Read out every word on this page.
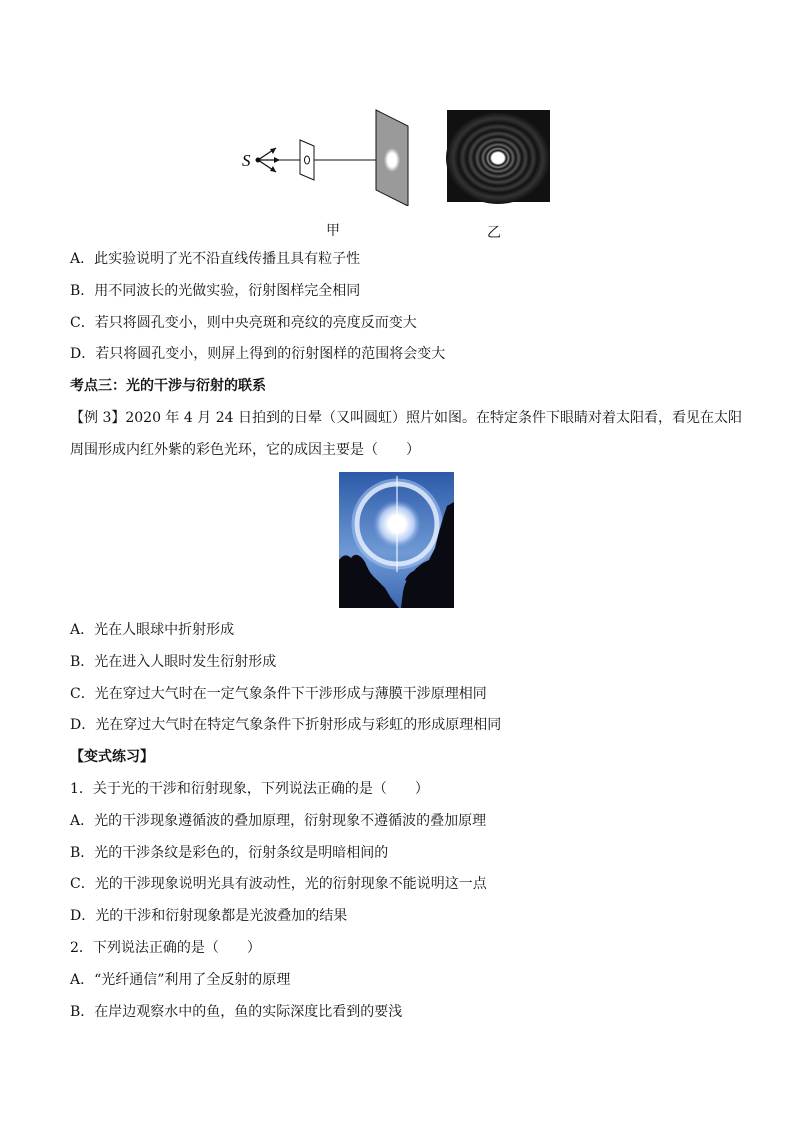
S
甲	乙
A．此实验说明了光不沿直线传播且具有粒子性
B．用不同波长的光做实验，衍射图样完全相同
C．若只将圆孔变小，则中央亮斑和亮纹的亮度反而变大
D．若只将圆孔变小，则屏上得到的衍射图样的范围将会变大
考点三：光的干涉与衍射的联系
【例 3】2020 年 4 月 24 日拍到的日晕（又叫圆虹）照片如图。在特定条件下眼睛对着太阳看，看见在太阳
周围形成内红外紫的彩色光环，它的成因主要是（　　）
A．光在人眼球中折射形成
B．光在进入人眼时发生衍射形成
C．光在穿过大气时在一定气象条件下干涉形成与薄膜干涉原理相同
D．光在穿过大气时在特定气象条件下折射形成与彩虹的形成原理相同
【变式练习】
1．关于光的干涉和衍射现象，下列说法正确的是（　　）
A．光的干涉现象遵循波的叠加原理，衍射现象不遵循波的叠加原理
B．光的干涉条纹是彩色的，衍射条纹是明暗相间的
C．光的干涉现象说明光具有波动性，光的衍射现象不能说明这一点
D．光的干涉和衍射现象都是光波叠加的结果
2．下列说法正确的是（　　）
A．“光纤通信”利用了全反射的原理
B．在岸边观察水中的鱼，鱼的实际深度比看到的要浅
